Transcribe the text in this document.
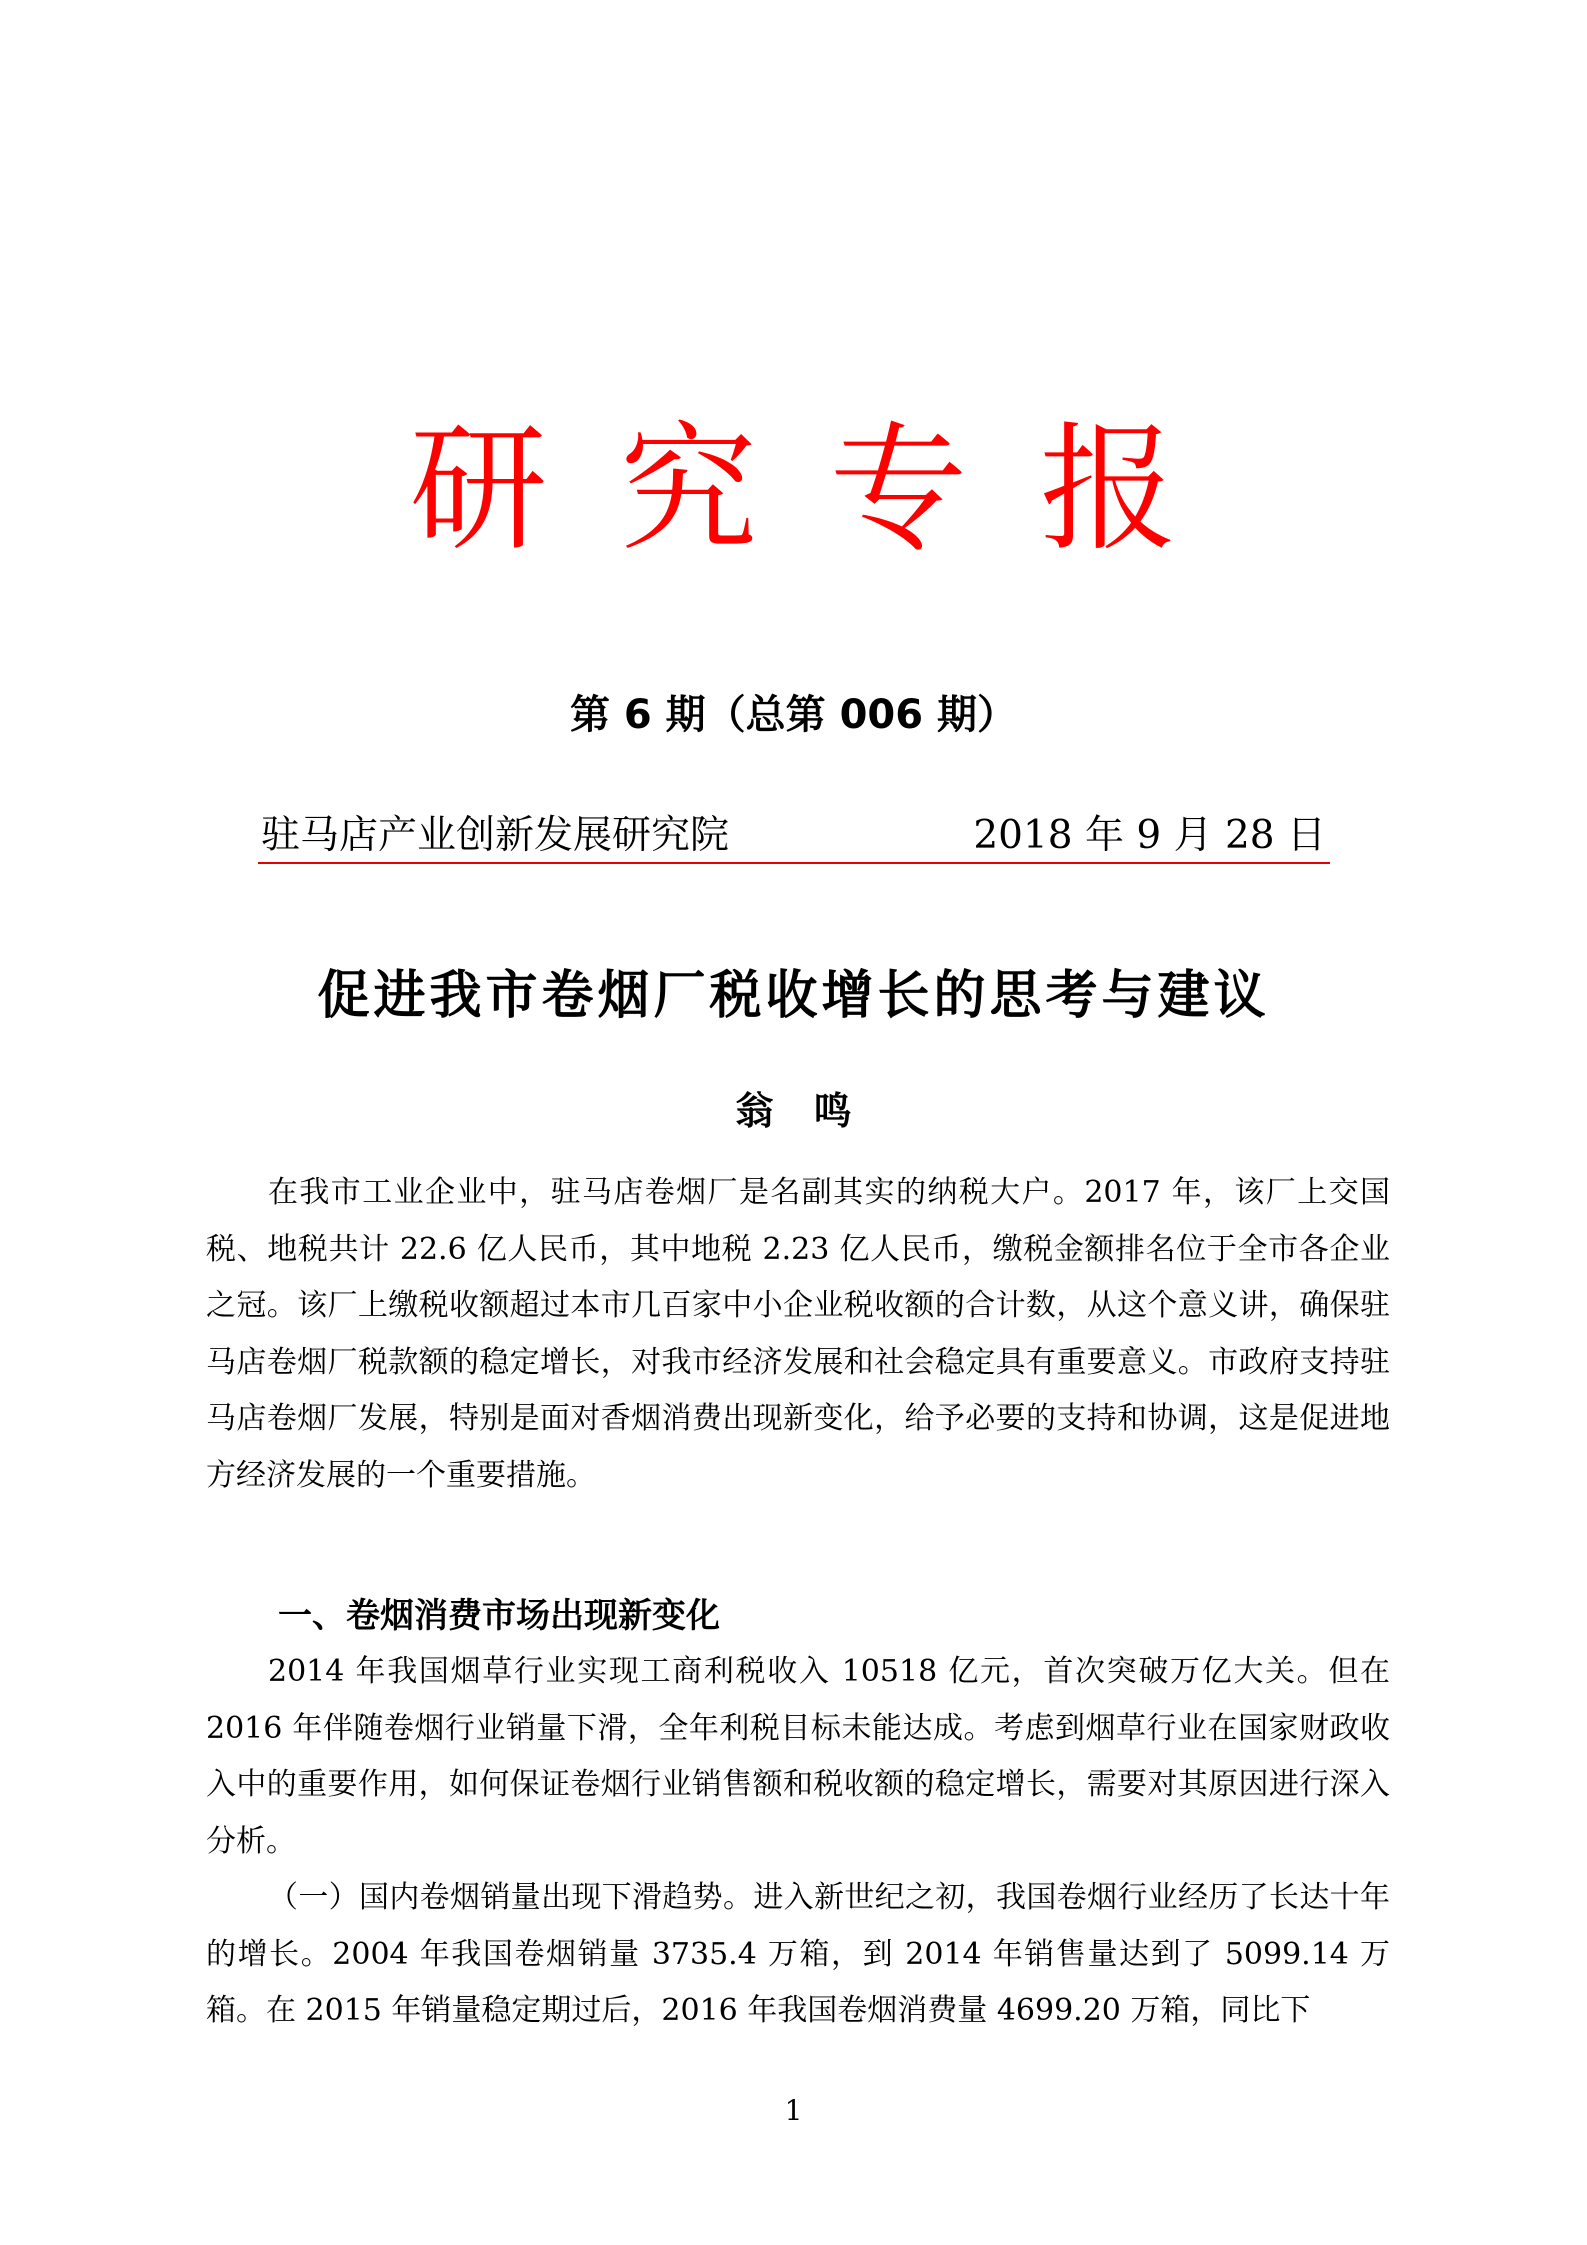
研究专报
第 6 期（总第 006 期）
驻马店产业创新发展研究院	2018 年 9 月 28 日
促进我市卷烟厂税收增长的思考与建议
翁鸣

在我市工业企业中，驻马店卷烟厂是名副其实的纳税大户。2017 年，该厂上交国税、地税共计 22.6 亿人民币，其中地税 2.23 亿人民币，缴税金额排名位于全市各企业之冠。该厂上缴税收额超过本市几百家中小企业税收额的合计数，从这个意义讲，确保驻马店卷烟厂税款额的稳定增长，对我市经济发展和社会稳定具有重要意义。市政府支持驻马店卷烟厂发展，特别是面对香烟消费出现新变化，给予必要的支持和协调，这是促进地方经济发展的一个重要措施。

一、卷烟消费市场出现新变化

2014 年我国烟草行业实现工商利税收入 10518 亿元，首次突破万亿大关。但在 2016 年伴随卷烟行业销量下滑，全年利税目标未能达成。考虑到烟草行业在国家财政收入中的重要作用，如何保证卷烟行业销售额和税收额的稳定增长，需要对其原因进行深入分析。

（一）国内卷烟销量出现下滑趋势。进入新世纪之初，我国卷烟行业经历了长达十年的增长。2004 年我国卷烟销量 3735.4 万箱，到 2014 年销售量达到了 5099.14 万箱。在 2015 年销量稳定期过后，2016 年我国卷烟消费量 4699.20 万箱，同比下

1
